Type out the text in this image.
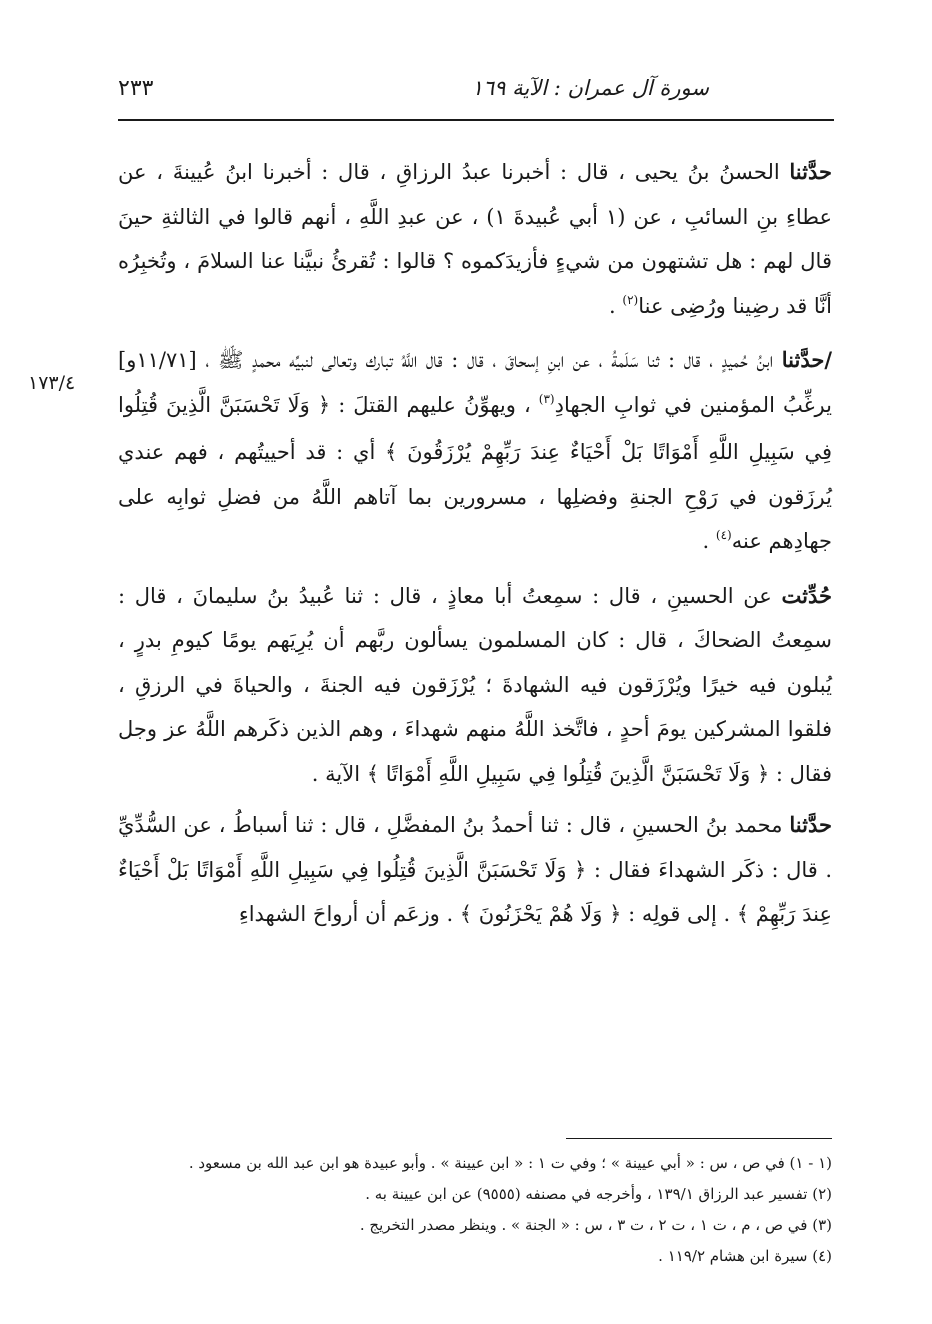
سورة آل عمران : الآية ١٦٩
٢٣٣
١٧٣/٤

حدَّثنا الحسنُ بنُ يحيى ، قال : أخبرنا عبدُ الرزاقِ ، قال : أخبرنا ابنُ عُيينةَ ، عن عطاءِ بنِ السائبِ ، عن (١ أبي عُبيدةَ ١) ، عن عبدِ اللَّهِ ، أنهم قالوا في الثالثةِ حينَ قال لهم : هل تشتهون من شيءٍ فأزيدَكموه ؟ قالوا : تُقرئُ نبيَّنا عنا السلامَ ، وتُخبِرُه أنَّا قد رضِينا ورُضِى عنا$^{(٢)}$ .

/حدَّثنا ابنُ حُميدٍ ، قال : ثنا سَلَمةُ ، عن ابنِ إسحاقَ ، قال : قال اللَّهُ تبارك وتعالى لنبيِّه محمدٍ ﷺ ، [١١/٧١و] يرغِّبُ المؤمنين في ثوابِ الجهادِ$^{(٣)}$ ، ويهوِّنُ عليهم القتلَ : ﴿ وَلَا تَحْسَبَنَّ الَّذِينَ قُتِلُوا فِي سَبِيلِ اللَّهِ أَمْوَاتًا بَلْ أَحْيَاءٌ عِندَ رَبِّهِمْ يُرْزَقُونَ ﴾ أي : قد أحييتُهم ، فهم عندي يُرزَقون في رَوْحِ الجنةِ وفضلِها ، مسرورين بما آتاهم اللَّهُ من فضلِ ثوابِه على جهادِهم عنه$^{(٤)}$ .

حُدِّثت عن الحسينِ ، قال : سمِعتُ أبا معاذٍ ، قال : ثنا عُبيدُ بنُ سليمانَ ، قال : سمِعتُ الضحاكَ ، قال : كان المسلمون يسألون ربَّهم أن يُرِيَهم يومًا كيومِ بدرٍ ، يُبلون فيه خيرًا ويُرْزَقون فيه الشهادةَ ؛ يُرْزَقون فيه الجنةَ ، والحياةَ في الرزقِ ، فلقوا المشركين يومَ أحدٍ ، فاتَّخذ اللَّهُ منهم شهداءَ ، وهم الذين ذكَرهم اللَّهُ عز وجل فقال : ﴿ وَلَا تَحْسَبَنَّ الَّذِينَ قُتِلُوا فِي سَبِيلِ اللَّهِ أَمْوَاتًا ﴾ الآية .

حدَّثنا محمد بنُ الحسينِ ، قال : ثنا أحمدُ بنُ المفضَّلِ ، قال : ثنا أسباطُ ، عن السُّدِّيِّ . قال : ذكَر الشهداءَ فقال : ﴿ وَلَا تَحْسَبَنَّ الَّذِينَ قُتِلُوا فِي سَبِيلِ اللَّهِ أَمْوَاتًا بَلْ أَحْيَاءٌ عِندَ رَبِّهِمْ ﴾ . إلى قولِه : ﴿ وَلَا هُمْ يَحْزَنُونَ ﴾ . وزعَم أن أرواحَ الشهداءِ

(١ - ١) في ص ، س : « أبي عيينة » ؛ وفي ت ١ : « ابن عيينة » . وأبو عبيدة هو ابن عبد الله بن مسعود .

(٢) تفسير عبد الرزاق ١٣٩/١ ، وأخرجه في مصنفه (٩٥٥٥) عن ابن عيينة به .

(٣) في ص ، م ، ت ١ ، ت ٢ ، ت ٣ ، س : « الجنة » . وينظر مصدر التخريج .

(٤) سيرة ابن هشام ١١٩/٢ .
